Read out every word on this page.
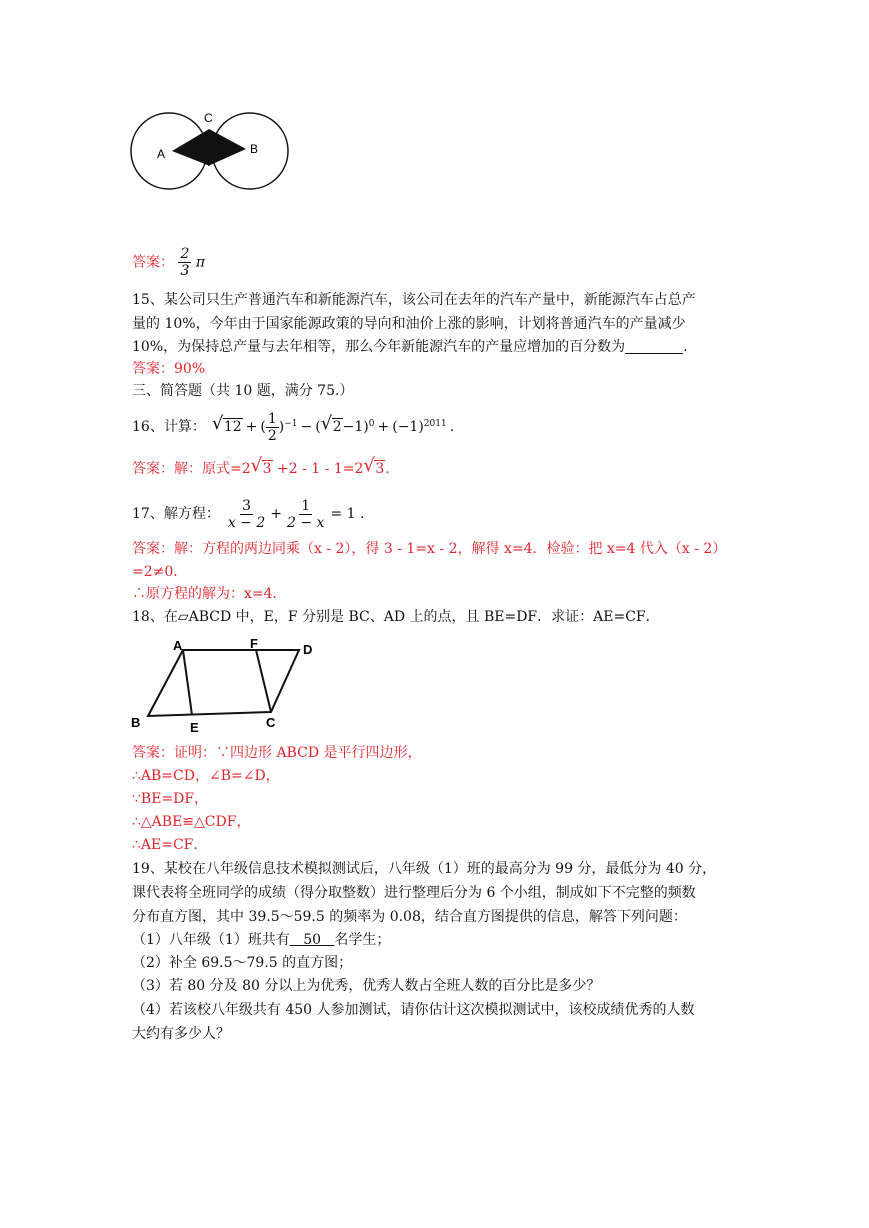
A	B
C
答案： $\frac{2}{3}$ π
15、某公司只生产普通汽车和新能源汽车，该公司在去年的汽车产量中，新能源汽车占总产
量的 10%，今年由于国家能源政策的导向和油价上涨的影响，计划将普通汽车的产量减少
10%，为保持总产量与去年相等，那么今年新能源汽车的产量应增加的百分数为	.
答案：90%
三、简答题（共 10 题，满分 75.）
16、计算： √ 12 + ( $\frac{1}{2} )^{-1}$ − ( √ $2 -1)^0 + (-1)^{2011}$ .
答案：解：原式=2 √ 3 +2 - 1 - 1=2 √ 3.
17、解方程： $\frac{3}{x - 2} + \frac{1}{2 - x} = 1$ .
答案：解：方程的两边同乘（x - 2），得 3 - 1=x - 2，解得 x=4．检验：把 x=4 代入（x - 2）
=2≠0．
∴原方程的解为：x=4．
18、在▱ABCD 中，E，F 分别是 BC、AD 上的点，且 BE=DF．求证：AE=CF．
A	F	D
B	E	C
答案：证明：∵四边形 ABCD 是平行四边形，
∴AB=CD，∠B=∠D，
∵BE=DF，
∴△ABE≌△CDF，
∴AE=CF．
19、某校在八年级信息技术模拟测试后，八年级（1）班的最高分为 99 分，最低分为 40 分，
课代表将全班同学的成绩（得分取整数）进行整理后分为 6 个小组，制成如下不完整的频数
分布直方图，其中 39.5～59.5 的频率为 0.08，结合直方图提供的信息，解答下列问题：
（1）八年级（1）班共有 50 名学生；
（2）补全 69.5～79.5 的直方图；
（3）若 80 分及 80 分以上为优秀，优秀人数占全班人数的百分比是多少？
（4）若该校八年级共有 450 人参加测试，请你估计这次模拟测试中，该校成绩优秀的人数
大约有多少人？
